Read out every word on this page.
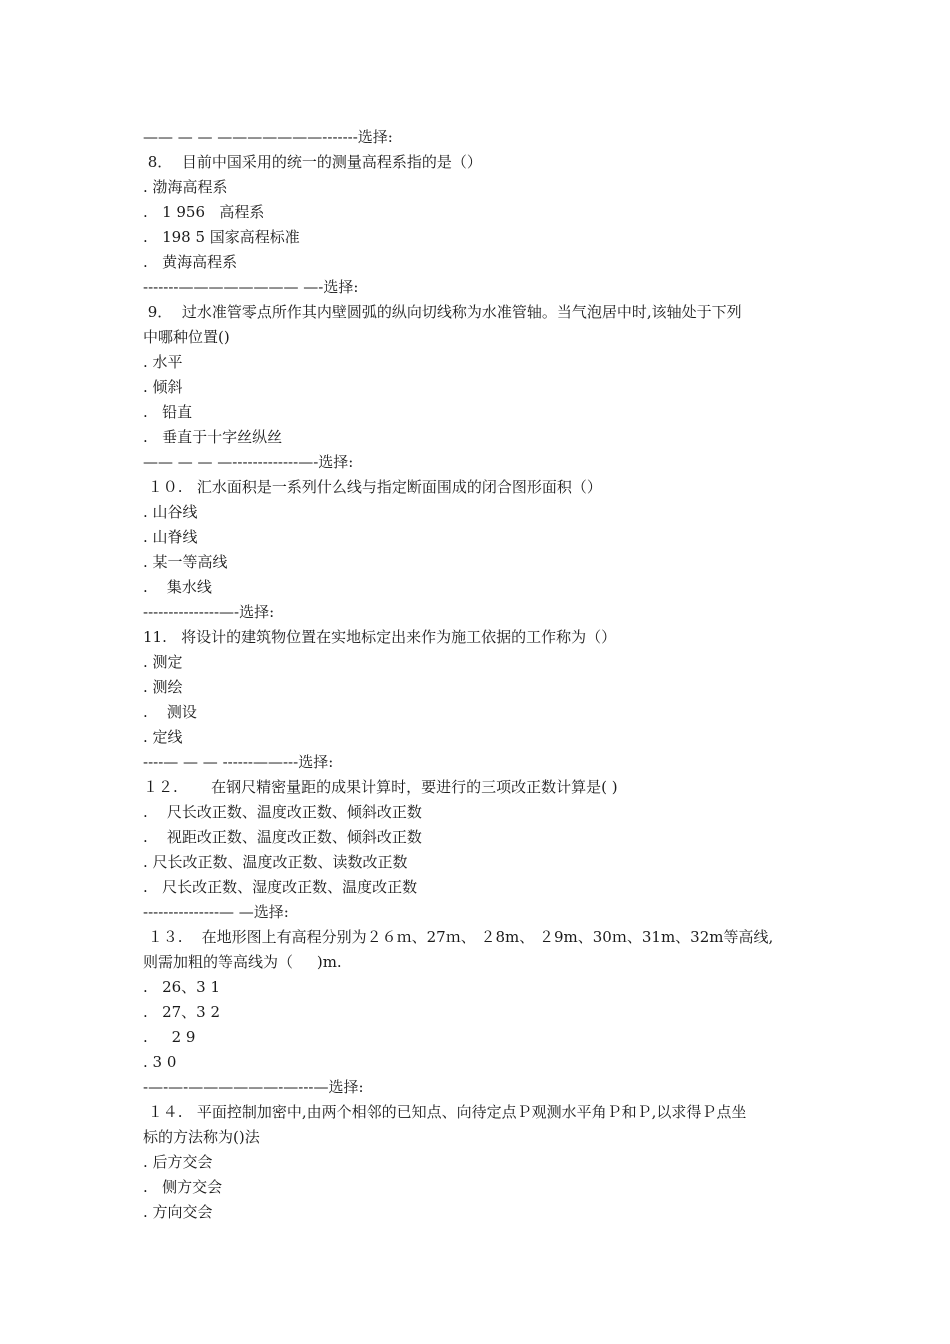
—— — — ———————-------选择:
8．  目前中国采用的统一的测量高程系指的是（）
. 渤海高程系
.   1 956   高程系
.   198 5 国家高程标准
.   黄海高程系
-------———————— —-选择:
9．  过水准管零点所作其内壁圆弧的纵向切线称为水准管轴。当气泡居中时,该轴处于下列
中哪种位置()
. 水平
. 倾斜
.   铅直
.   垂直于十字丝纵丝
—— — — —-------------—-选择:
１０.   汇水面积是一系列什么线与指定断面围成的闭合图形面积（）
. 山谷线
. 山脊线
. 某一等高线
.    集水线
---------------—-选择:
11.   将设计的建筑物位置在实地标定出来作为施工依据的工作称为（）
. 测定
. 测绘
.    测设
. 定线
----— — — ------——---选择:
１２.       在钢尺精密量距的成果计算时，要进行的三项改正数计算是( )
.    尺长改正数、温度改正数、倾斜改正数
.    视距改正数、温度改正数、倾斜改正数
. 尺长改正数、温度改正数、读数改正数
.   尺长改正数、湿度改正数、温度改正数
---------------— —选择:
１３.    在地形图上有高程分别为２６ｍ、27ｍ、 ２8m、 ２9m、30ｍ、31m、32m等高线,
则需加粗的等高线为（     )m.
.   26、3 1
.   27、3 2
.     2 9
. 3 0
-—-—-——————-—---—选择:
１４.   平面控制加密中,由两个相邻的已知点、向待定点Ｐ观测水平角Ｐ和Ｐ,以求得Ｐ点坐
标的方法称为()法
. 后方交会
.   侧方交会
. 方向交会
